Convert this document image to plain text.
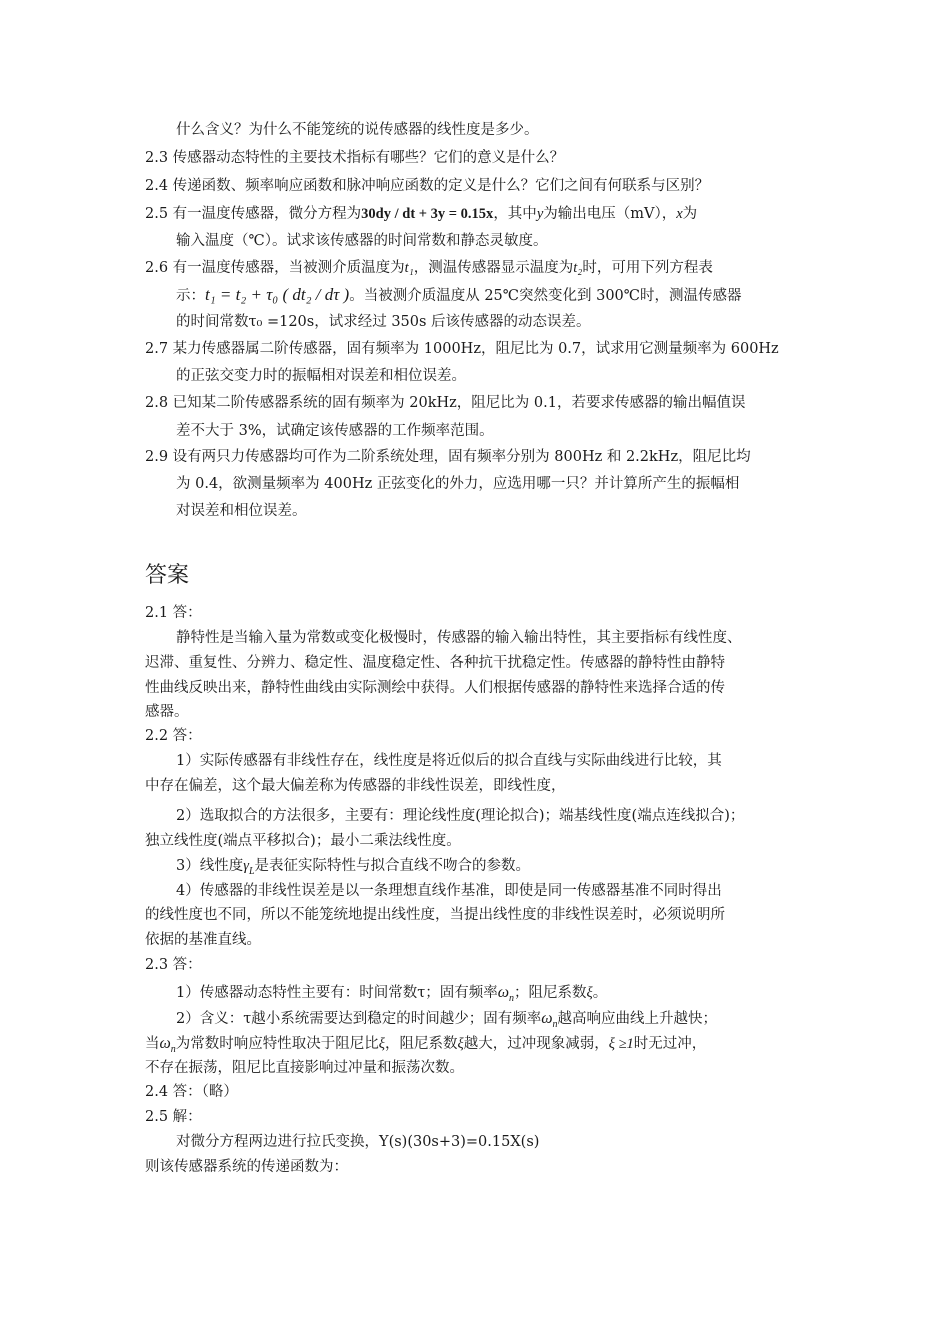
什么含义？为什么不能笼统的说传感器的线性度是多少。
2.3 传感器动态特性的主要技术指标有哪些？它们的意义是什么？
2.4 传递函数、频率响应函数和脉冲响应函数的定义是什么？它们之间有何联系与区别？
2.5 有一温度传感器，微分方程为30dy / dt + 3y = 0.15x，其中y为输出电压（mV），x为
输入温度（℃）。试求该传感器的时间常数和静态灵敏度。
2.6 有一温度传感器，当被测介质温度为t₁，测温传感器显示温度为t₂时，可用下列方程表
示：t₁ = t₂ + τ₀ ( dt₂ / dτ )。当被测介质温度从 25℃突然变化到 300℃时，测温传感器
的时间常数τ₀ =120s，试求经过 350s 后该传感器的动态误差。
2.7 某力传感器属二阶传感器，固有频率为 1000Hz，阻尼比为 0.7，试求用它测量频率为 600Hz
的正弦交变力时的振幅相对误差和相位误差。
2.8 已知某二阶传感器系统的固有频率为 20kHz，阻尼比为 0.1，若要求传感器的输出幅值误
差不大于 3%，试确定该传感器的工作频率范围。
2.9 设有两只力传感器均可作为二阶系统处理，固有频率分别为 800Hz 和 2.2kHz，阻尼比均
为 0.4，欲测量频率为 400Hz 正弦变化的外力，应选用哪一只？并计算所产生的振幅相
对误差和相位误差。
答案
2.1 答：
静特性是当输入量为常数或变化极慢时，传感器的输入输出特性，其主要指标有线性度、
迟滞、重复性、分辨力、稳定性、温度稳定性、各种抗干扰稳定性。传感器的静特性由静特
性曲线反映出来，静特性曲线由实际测绘中获得。人们根据传感器的静特性来选择合适的传
感器。
2.2 答：
1）实际传感器有非线性存在，线性度是将近似后的拟合直线与实际曲线进行比较，其
中存在偏差，这个最大偏差称为传感器的非线性误差，即线性度，
2）选取拟合的方法很多，主要有：理论线性度(理论拟合)；端基线性度(端点连线拟合)；
独立线性度(端点平移拟合)；最小二乘法线性度。
3）线性度$\gamma_L$是表征实际特性与拟合直线不吻合的参数。
4）传感器的非线性误差是以一条理想直线作基准，即使是同一传感器基准不同时得出
的线性度也不同，所以不能笼统地提出线性度，当提出线性度的非线性误差时，必须说明所
依据的基准直线。
2.3 答：
1）传感器动态特性主要有：时间常数τ；固有频率$\omega_n$；阻尼系数ξ。
2）含义：τ越小系统需要达到稳定的时间越少；固有频率$\omega_n$越高响应曲线上升越快；
当$\omega_n$为常数时响应特性取决于阻尼比ξ，阻尼系数ξ越大，过冲现象减弱，ξ ≥1时无过冲，
不存在振荡，阻尼比直接影响过冲量和振荡次数。
2.4 答：（略）
2.5 解：
对微分方程两边进行拉氏变换，Y(s)(30s+3)=0.15X(s)
则该传感器系统的传递函数为：
